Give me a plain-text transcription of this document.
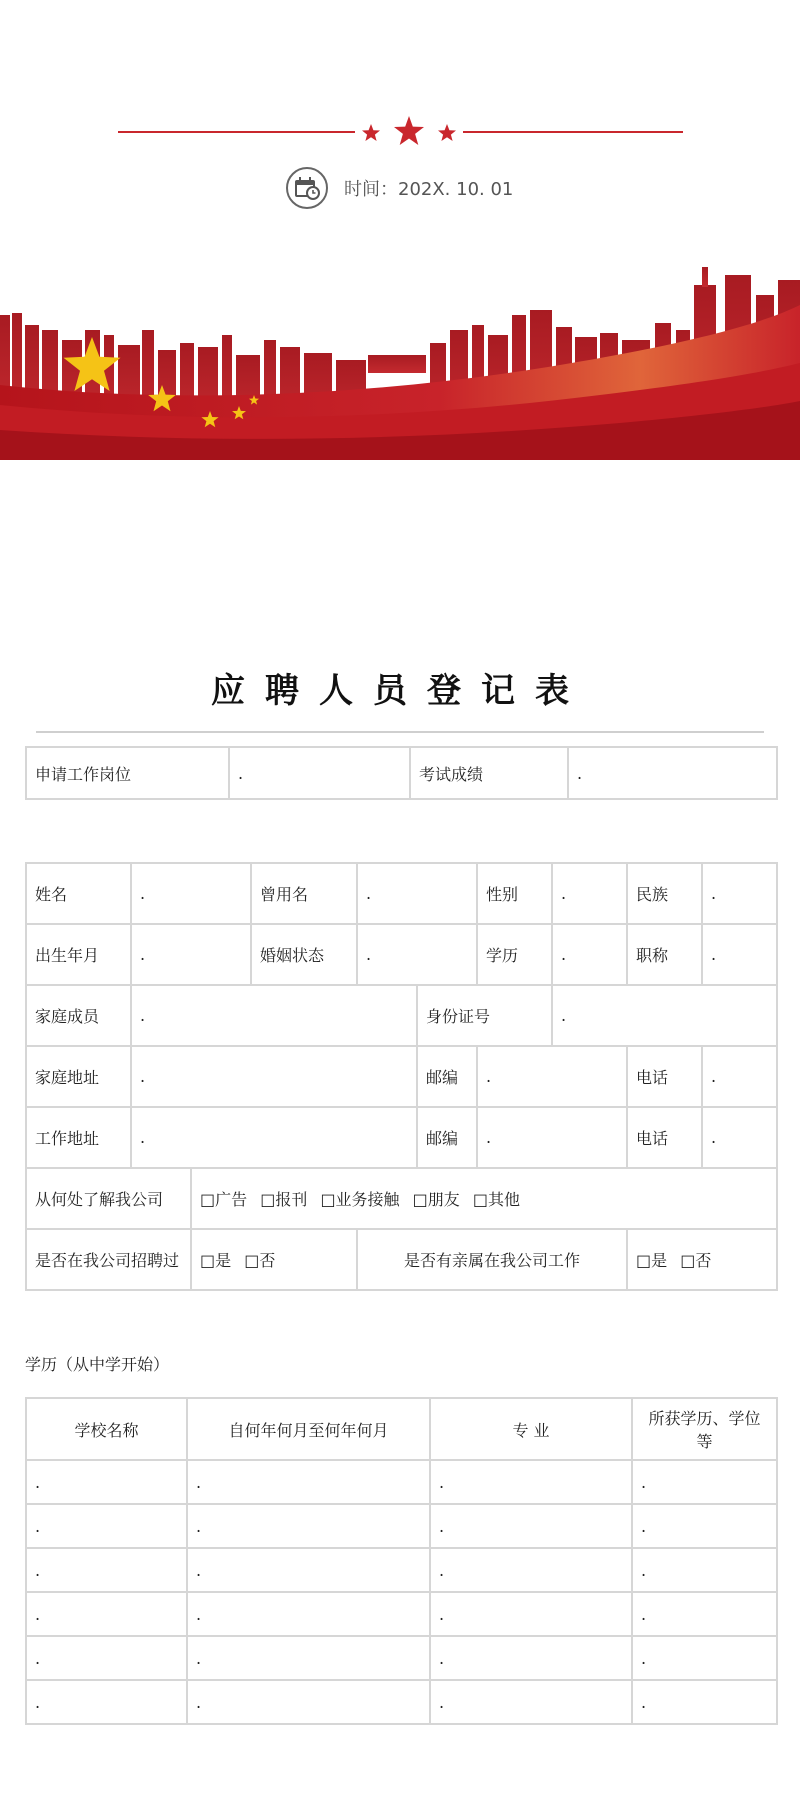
时间：202X. 10. 01
应聘人员登记表
申请工作岗位	.	考试成绩	.
姓名	.		曾用名	.		性别	.	民族	.
出生年月	.		婚姻状态	.		学历	.	职称	.
家庭成员	.				身份证号		.		
家庭地址	.				邮编	.		电话	.
工作地址	.				邮编	.		电话	.
从何处了解我公司		□广告 □报刊 □业务接触 □朋友 □其他							
是否在我公司招聘过		□是 □否		是否有亲属在我公司工作				□是 □否	
学历（从中学开始）
学校名称	自何年何月至何年何月	专 业	所获学历、学位等
.	.	.	.
.	.	.	.
.	.	.	.
.	.	.	.
.	.	.	.
.	.	.	.
